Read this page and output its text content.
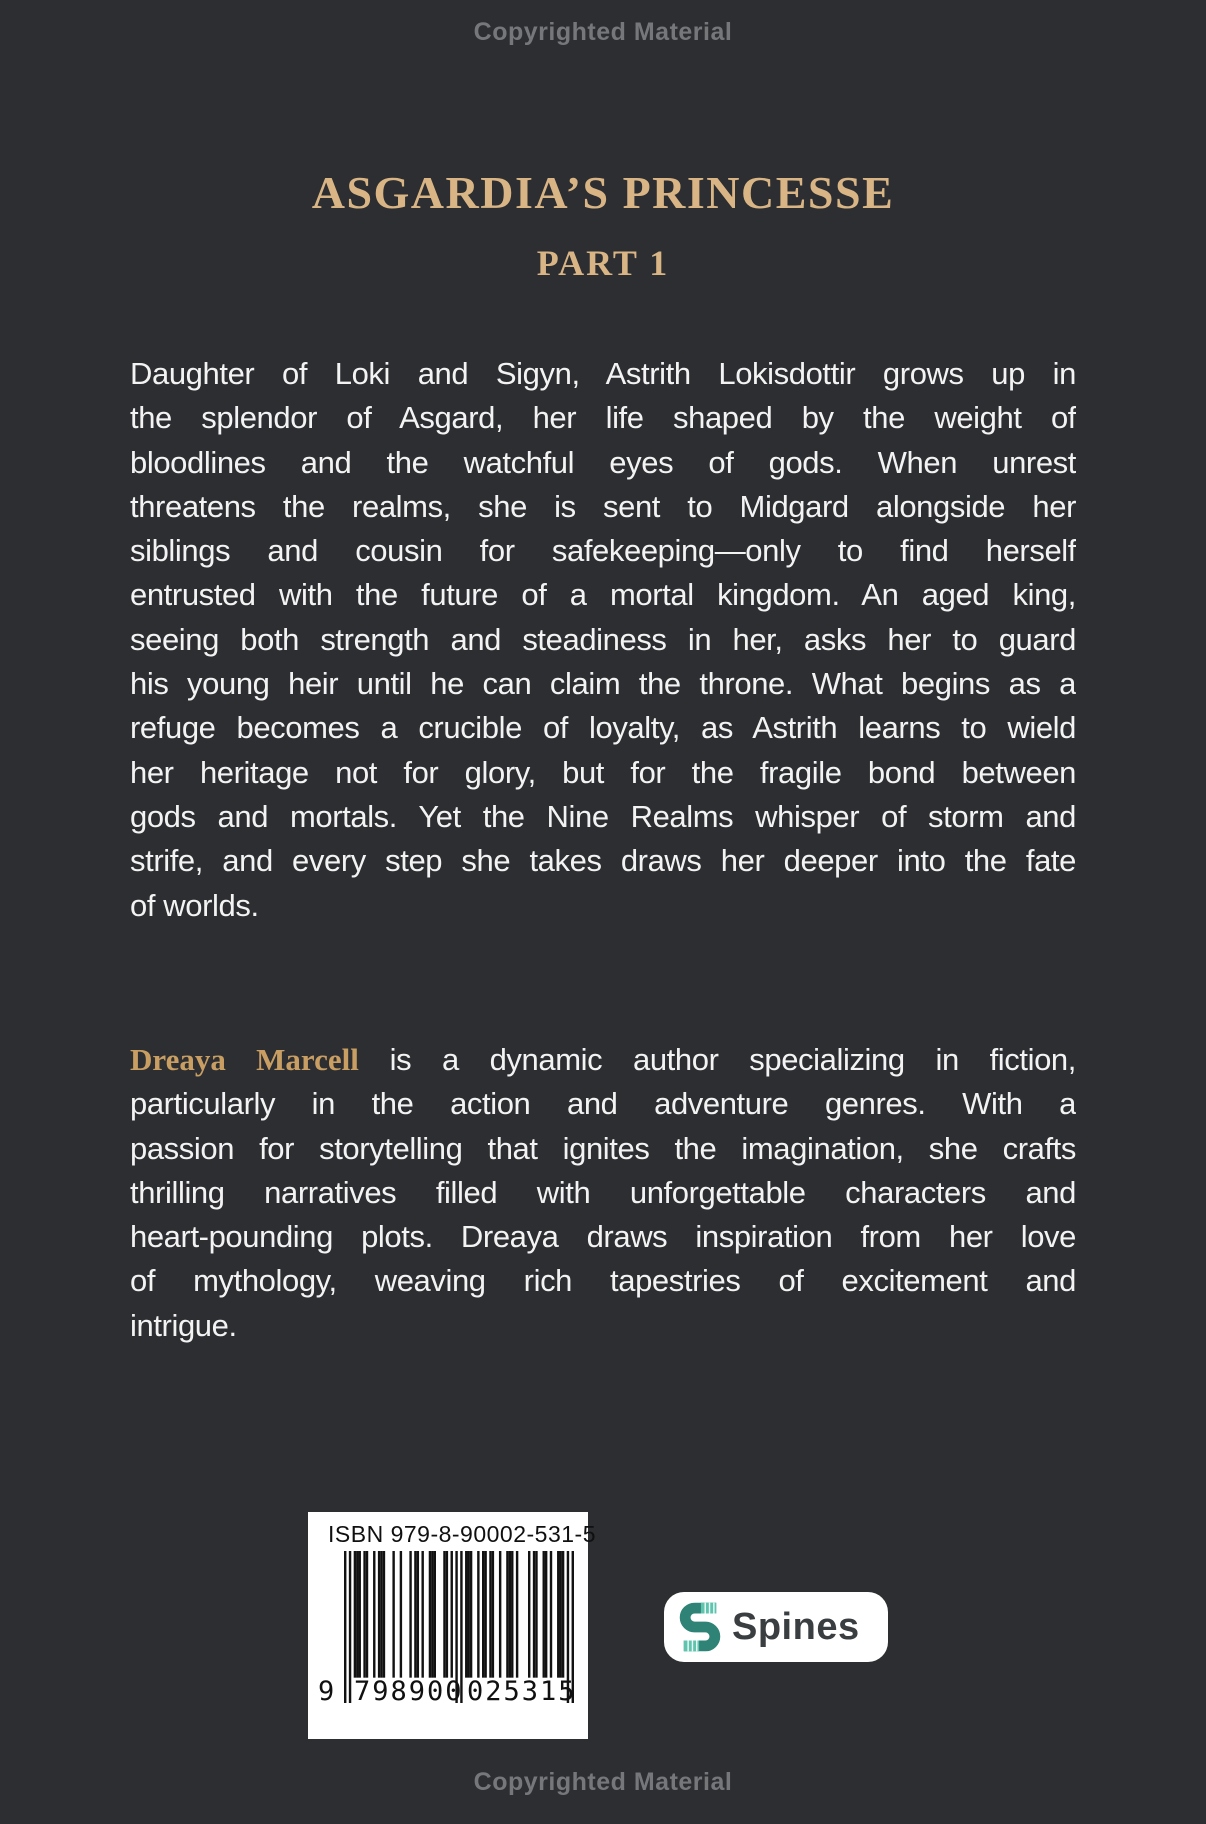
Copyrighted Material
ASGARDIA’S PRINCESSE
PART 1
Daughter of Loki and Sigyn, Astrith Lokisdottir grows up in
the splendor of Asgard, her life shaped by the weight of
bloodlines and the watchful eyes of gods. When unrest
threatens the realms, she is sent to Midgard alongside her
siblings and cousin for safekeeping—only to find herself
entrusted with the future of a mortal kingdom. An aged king,
seeing both strength and steadiness in her, asks her to guard
his young heir until he can claim the throne. What begins as a
refuge becomes a crucible of loyalty, as Astrith learns to wield
her heritage not for glory, but for the fragile bond between
gods and mortals. Yet the Nine Realms whisper of storm and
strife, and every step she takes draws her deeper into the fate
of worlds.
Dreaya Marcell is a dynamic author specializing in fiction,
particularly in the action and adventure genres. With a
passion for storytelling that ignites the imagination, she crafts
thrilling narratives filled with unforgettable characters and
heart-pounding plots. Dreaya draws inspiration from her love
of mythology, weaving rich tapestries of excitement and
intrigue.
ISBN 979-8-90002-531-5
9 798900 025315
Spines
Copyrighted Material
